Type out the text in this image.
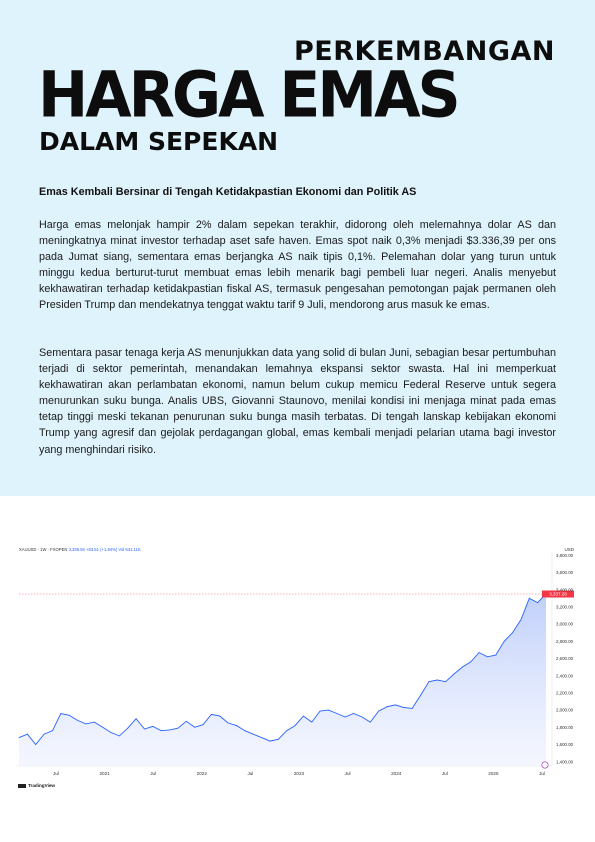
PERKEMBANGAN
HARGA EMAS
DALAM SEPEKAN
Emas Kembali Bersinar di Tengah Ketidakpastian Ekonomi dan Politik AS
Harga emas melonjak hampir 2% dalam sepekan terakhir, didorong oleh melemahnya dolar AS dan meningkatnya minat investor terhadap aset safe haven. Emas spot naik 0,3% menjadi $3.336,39 per ons pada Jumat siang, sementara emas berjangka AS naik tipis 0,1%. Pelemahan dolar yang turun untuk minggu kedua berturut-turut membuat emas lebih menarik bagi pembeli luar negeri. Analis menyebut kekhawatiran terhadap ketidakpastian fiskal AS, termasuk pengesahan pemotongan pajak permanen oleh Presiden Trump dan mendekatnya tenggat waktu tarif 9 Juli, mendorong arus masuk ke emas.
Sementara pasar tenaga kerja AS menunjukkan data yang solid di bulan Juni, sebagian besar pertumbuhan terjadi di sektor pemerintah, menandakan lemahnya ekspansi sektor swasta. Hal ini memperkuat kekhawatiran akan perlambatan ekonomi, namun belum cukup memicu Federal Reserve untuk segera menurunkan suku bunga. Analis UBS, Giovanni Staunovo, menilai kondisi ini menjaga minat pada emas tetap tinggi meski tekanan penurunan suku bunga masih terbatas. Di tengah lanskap kebijakan ekonomi Trump yang agresif dan gejolak perdagangan global, emas kembali menjadi pelarian utama bagi investor yang menghindari risiko.
3,337.28
3,800.00
3,600.00
3,400.00
3,200.00
3,000.00
2,800.00
2,600.00
2,400.00
2,200.00
2,000.00
1,800.00
1,600.00
1,400.00
Jul	2021	Jul	2022	Jul	2023	Jul	2024	Jul	2025	Jul
XAUUSD · 1W · FXOPEN 3,336.94 +63.51 (+1.94%) Vol 641.11K	USD
TradingView
